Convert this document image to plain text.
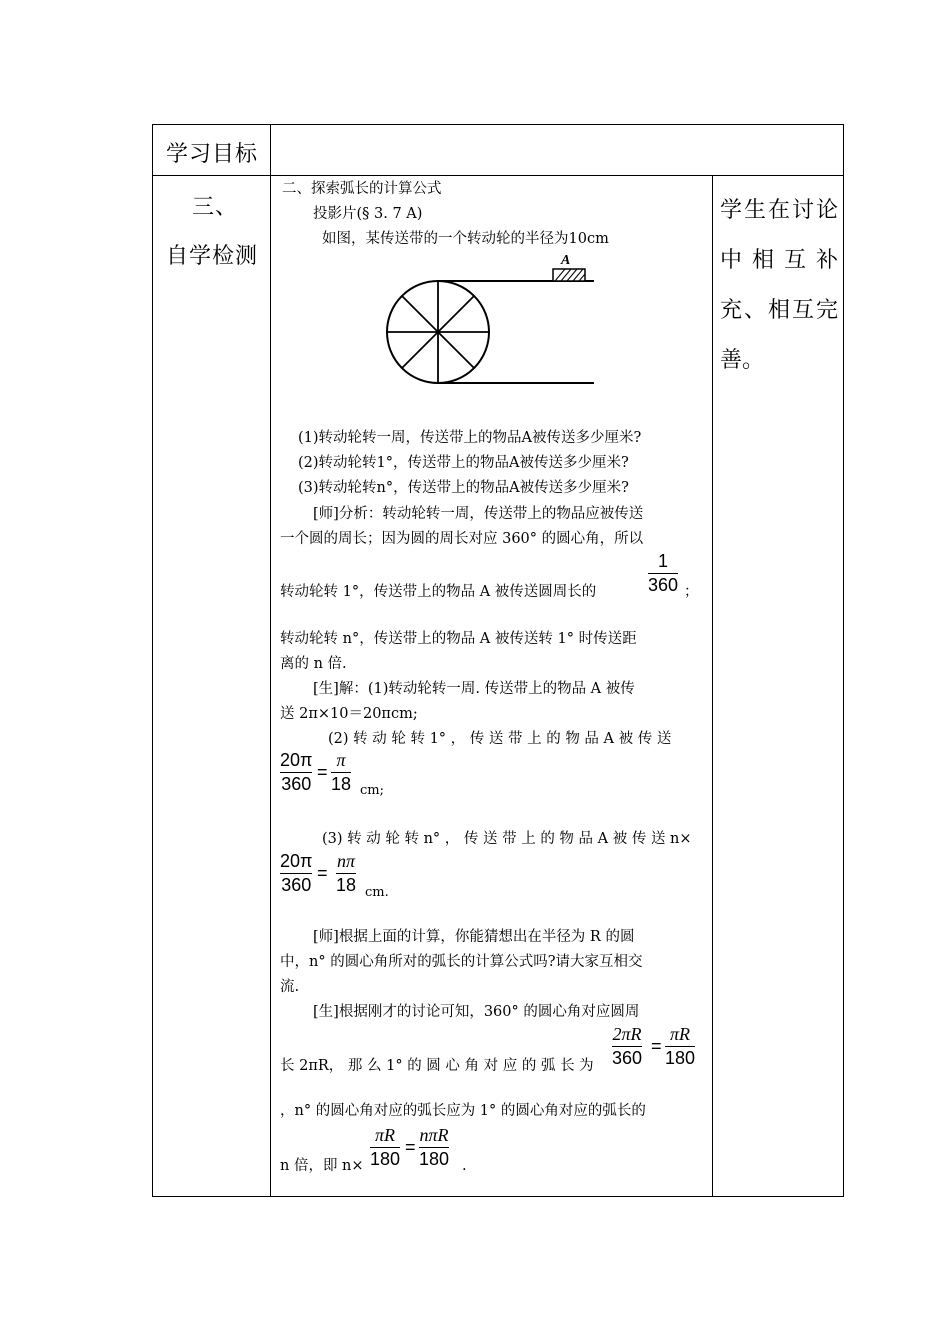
学习目标
三、
自学检测
学生在讨论中相互补充、相互完善。
二、探索弧长的计算公式
投影片(§ 3. 7 A)
如图，某传送带的一个转动轮的半径为10cm
A
(1)转动轮转一周，传送带上的物品A被传送多少厘米?
(2)转动轮转1°，传送带上的物品A被传送多少厘米?
(3)转动轮转n°，传送带上的物品A被传送多少厘米?
[师]分析：转动轮转一周，传送带上的物品应被传送
一个圆的周长；因为圆的周长对应 360° 的圆心角，所以
转动轮转 1°，传送带上的物品 A 被传送圆周长的
1
360 ；
转动轮转 n°，传送带上的物品 A 被传送转 1° 时传送距
离的 n 倍.
[生]解：(1)转动轮转一周. 传送带上的物品 A 被传
送 2π×10＝20πcm;
(2) 转 动 轮 转 1° ， 传 送 带 上 的 物 品 A 被 传 送
20π
360
=
π
18 cm;
(3) 转 动 轮 转 n° ， 传 送 带 上 的 物 品 A 被 传 送 n×
20π
360
=
nπ
18 cm.
[师]根据上面的计算，你能猜想出在半径为 R 的圆
中，n° 的圆心角所对的弧长的计算公式吗?请大家互相交
流.
[生]根据刚才的讨论可知，360° 的圆心角对应圆周
长 2πR， 那 么 1° 的 圆 心 角 对 应 的 弧 长 为
2πR
360
=
πR
180
，n° 的圆心角对应的弧长应为 1° 的圆心角对应的弧长的
n 倍，即 n×
πR
180
=
nπR
180 .
